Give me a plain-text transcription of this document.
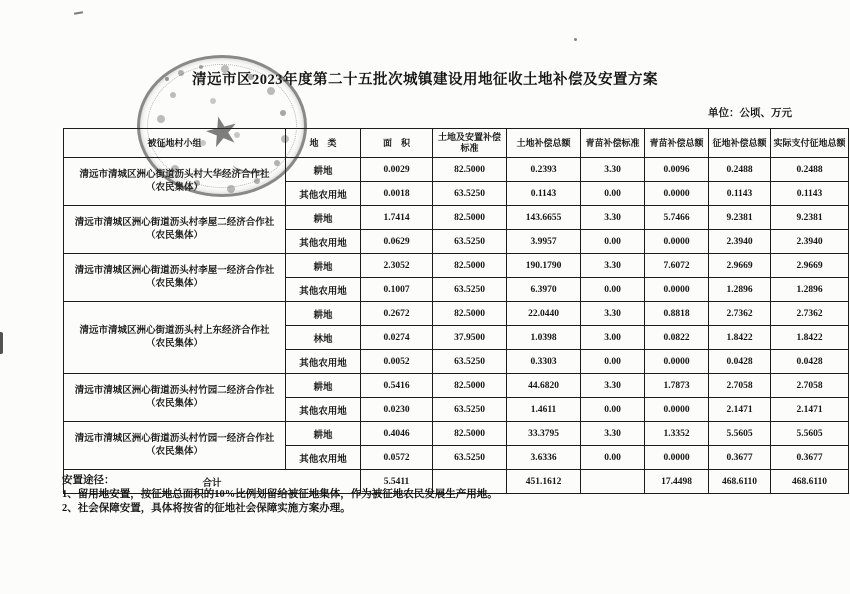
清远市区2023年度第二十五批次城镇建设用地征收土地补偿及安置方案
单位：公顷、万元
★
被征地村小组	地　类	面　积	土地及安置补偿标准	土地补偿总额	青苗补偿标准	青苗补偿总额	征地补偿总额	实际支付征地总额

清远市清城区洲心街道沥头村大华经济合作社
（农民集体）	耕地	0.0029	82.5000	0.2393	3.30	0.0096	0.2488	0.2488
	其他农用地	0.0018	63.5250	0.1143	0.00	0.0000	0.1143	0.1143

清远市清城区洲心街道沥头村李屋二经济合作社
（农民集体）	耕地	1.7414	82.5000	143.6655	3.30	5.7466	9.2381	9.2381
	其他农用地	0.0629	63.5250	3.9957	0.00	0.0000	2.3940	2.3940

清远市清城区洲心街道沥头村李屋一经济合作社
（农民集体）	耕地	2.3052	82.5000	190.1790	3.30	7.6072	2.9669	2.9669
	其他农用地	0.1007	63.5250	6.3970	0.00	0.0000	1.2896	1.2896

清远市清城区洲心街道沥头村上东经济合作社
（农民集体）	耕地	0.2672	82.5000	22.0440	3.30	0.8818	2.7362	2.7362
	林地	0.0274	37.9500	1.0398	3.00	0.0822	1.8422	1.8422
	其他农用地	0.0052	63.5250	0.3303	0.00	0.0000	0.0428	0.0428

清远市清城区洲心街道沥头村竹园二经济合作社
（农民集体）	耕地	0.5416	82.5000	44.6820	3.30	1.7873	2.7058	2.7058
	其他农用地	0.0230	63.5250	1.4611	0.00	0.0000	2.1471	2.1471

清远市清城区洲心街道沥头村竹园一经济合作社
（农民集体）	耕地	0.4046	82.5000	33.3795	3.30	1.3352	5.5605	5.5605
	其他农用地	0.0572	63.5250	3.6336	0.00	0.0000	0.3677	0.3677
合计		5.5411		451.1612		17.4498	468.6110	468.6110
安置途径：
1、留用地安置，按征地总面积的10%比例划留给被征地集体，作为被征地农民发展生产用地。
2、社会保障安置，具体将按省的征地社会保障实施方案办理。
